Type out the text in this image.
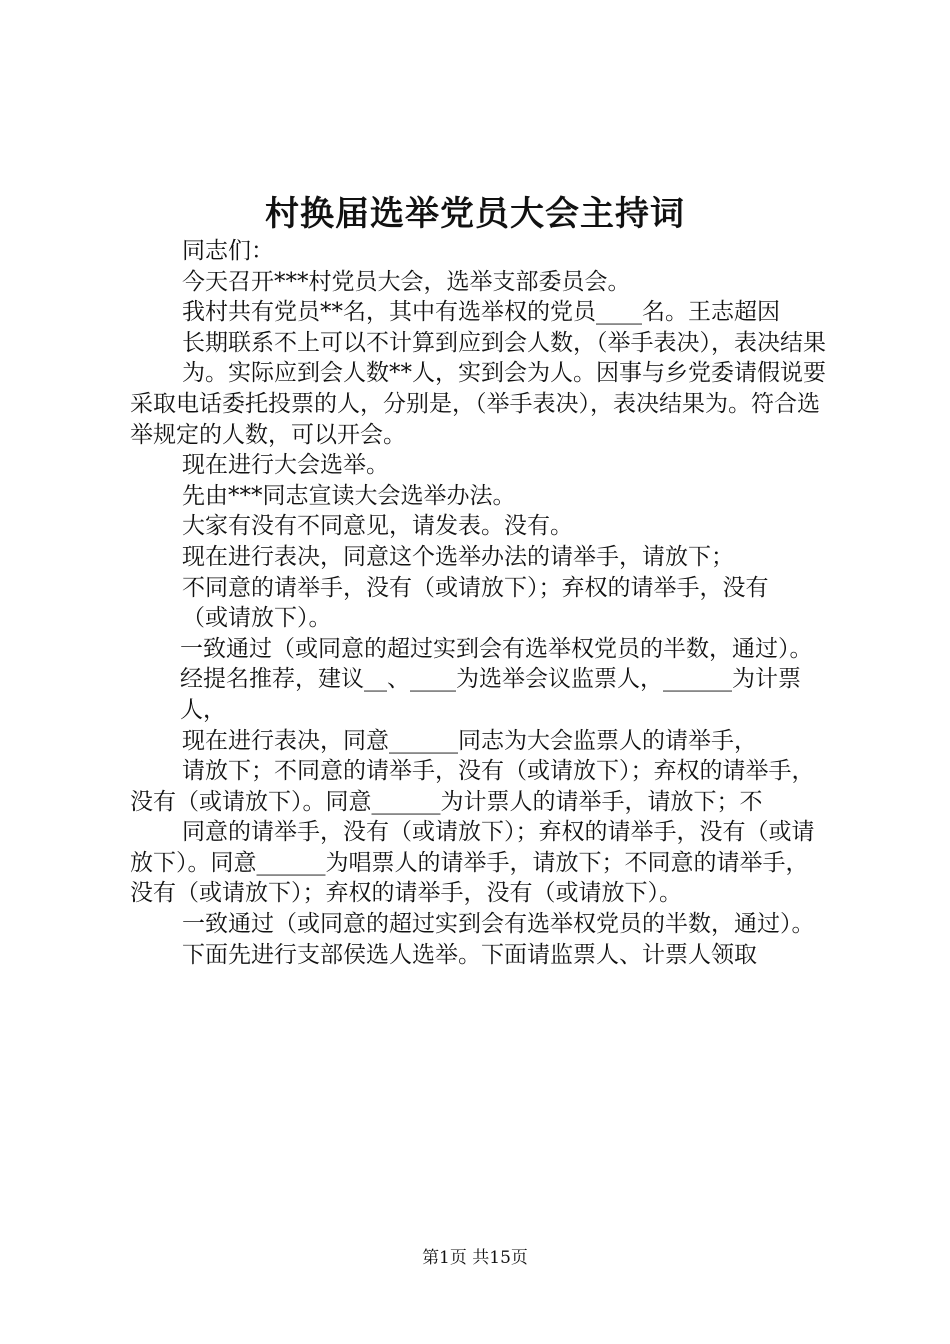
村换届选举党员大会主持词

同志们：

今天召开***村党员大会，选举支部委员会。

我村共有党员**名，其中有选举权的党员____名。王志超因

长期联系不上可以不计算到应到会人数，（举手表决），表决结果

为。实际应到会人数**人，实到会为人。因事与乡党委请假说要采取电话委托投票的人，分别是，（举手表决），表决结果为。符合选举规定的人数，可以开会。

现在进行大会选举。

先由***同志宣读大会选举办法。

大家有没有不同意见，请发表。没有。

现在进行表决，同意这个选举办法的请举手，请放下；

不同意的请举手，没有（或请放下）；弃权的请举手，没有

（或请放下）。

一致通过（或同意的超过实到会有选举权党员的半数，通过）。

经提名推荐，建议__、____为选举会议监票人，______为计票人，

现在进行表决，同意______同志为大会监票人的请举手，

请放下；不同意的请举手，没有（或请放下）；弃权的请举手，没有（或请放下）。同意______为计票人的请举手，请放下；不

同意的请举手，没有（或请放下）；弃权的请举手，没有（或请放下）。同意______为唱票人的请举手，请放下；不同意的请举手，没有（或请放下）；弃权的请举手，没有（或请放下）。

一致通过（或同意的超过实到会有选举权党员的半数，通过）。

下面先进行支部侯选人选举。下面请监票人、计票人领取

第1页 共15页
